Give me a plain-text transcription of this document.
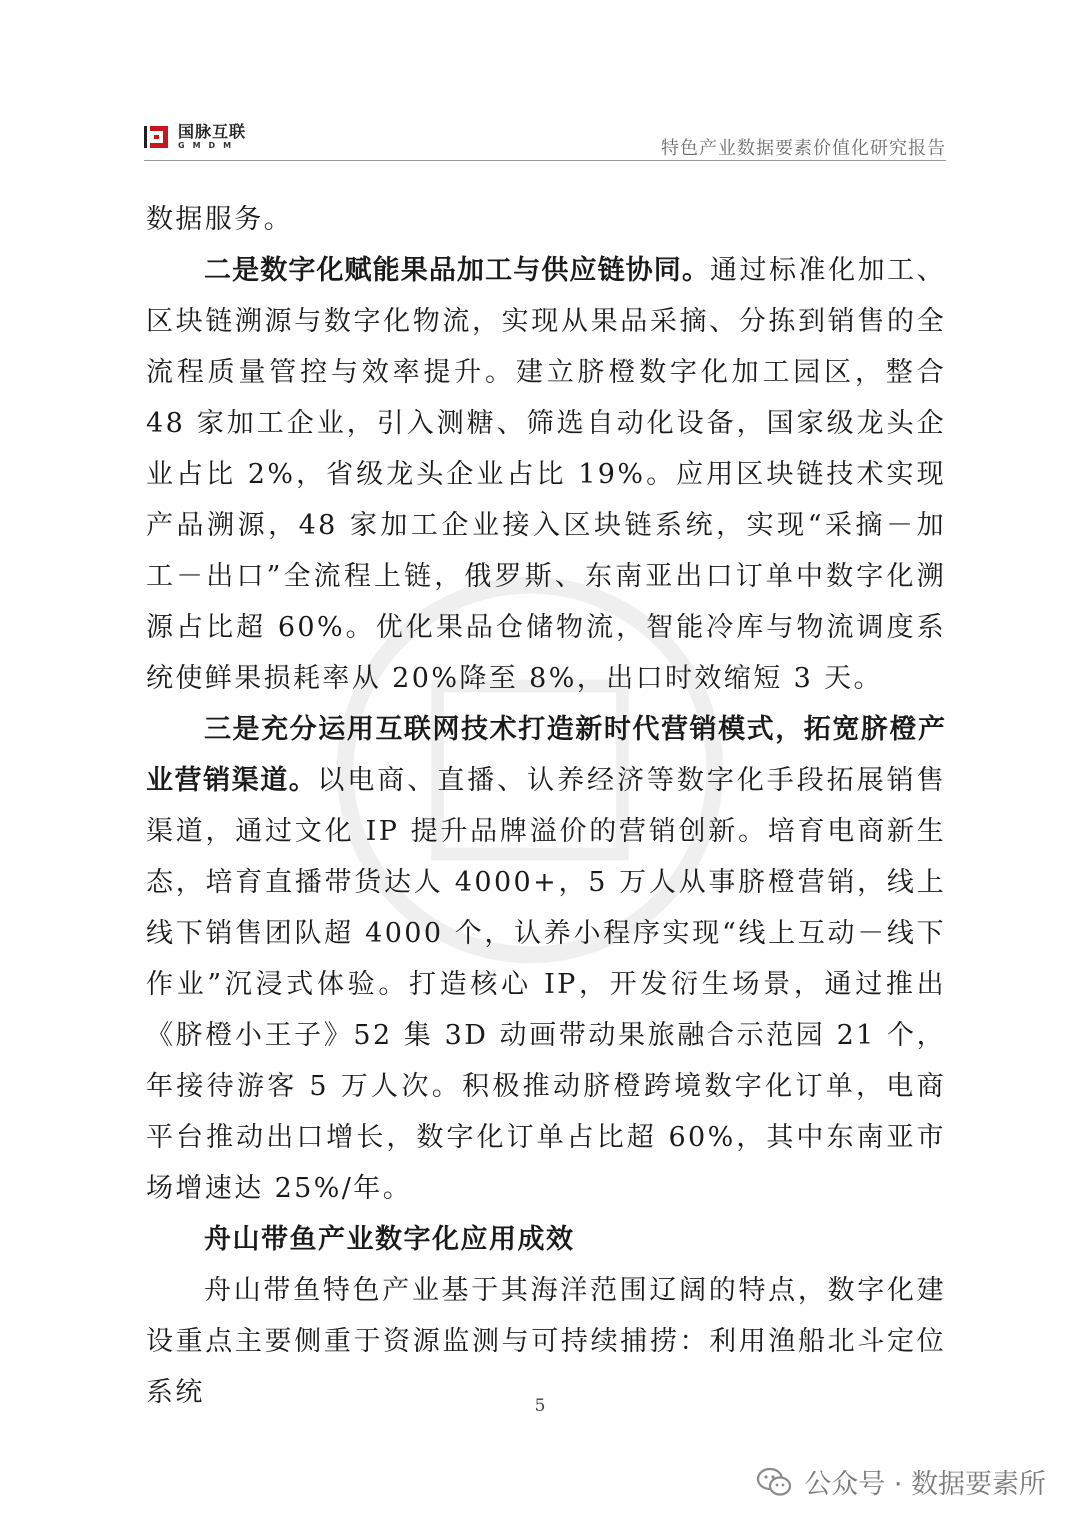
国脉互联
GMDM	特色产业数据要素价值化研究报告

数据服务。

二是数字化赋能果品加工与供应链协同。通过标准化加工、区块链溯源与数字化物流，实现从果品采摘、分拣到销售的全流程质量管控与效率提升。建立脐橙数字化加工园区，整合 48 家加工企业，引入测糖、筛选自动化设备，国家级龙头企业占比 2%，省级龙头企业占比 19%。应用区块链技术实现产品溯源，48 家加工企业接入区块链系统，实现“采摘－加工－出口”全流程上链，俄罗斯、东南亚出口订单中数字化溯源占比超 60%。优化果品仓储物流，智能冷库与物流调度系统使鲜果损耗率从 20%降至 8%，出口时效缩短 3 天。

三是充分运用互联网技术打造新时代营销模式，拓宽脐橙产业营销渠道。以电商、直播、认养经济等数字化手段拓展销售渠道，通过文化 IP 提升品牌溢价的营销创新。培育电商新生态，培育直播带货达人 4000+，5 万人从事脐橙营销，线上线下销售团队超 4000 个，认养小程序实现“线上互动－线下作业”沉浸式体验。打造核心 IP，开发衍生场景，通过推出《脐橙小王子》52 集 3D 动画带动果旅融合示范园 21 个，年接待游客 5 万人次。积极推动脐橙跨境数字化订单，电商平台推动出口增长，数字化订单占比超 60%，其中东南亚市场增速达 25%/年。

舟山带鱼产业数字化应用成效

舟山带鱼特色产业基于其海洋范围辽阔的特点，数字化建设重点主要侧重于资源监测与可持续捕捞：利用渔船北斗定位系统	5
公众号 · 数据要素所
